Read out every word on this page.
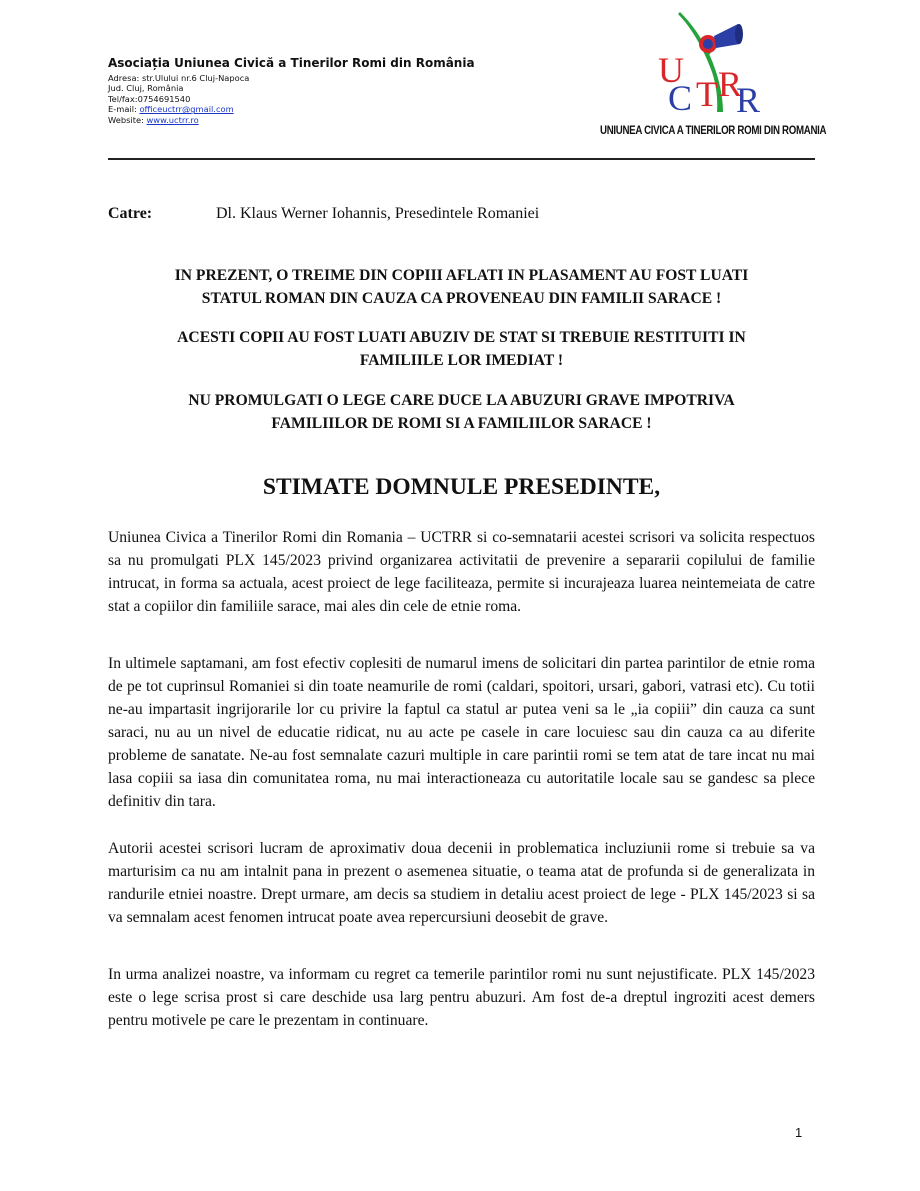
Asociația Uniunea Civică a Tinerilor Romi din România
Adresa: str.Ulului nr.6 Cluj-Napoca
Jud. Cluj, România
Tel/fax:0754691540
E-mail: officeuctrr@gmail.com
Website: www.uctrr.ro
U
C T R
R
UNIUNEA CIVICA A TINERILOR ROMI DIN ROMANIA
Catre:	Dl. Klaus Werner Iohannis, Presedintele Romaniei
IN PREZENT, O TREIME DIN COPIII AFLATI IN PLASAMENT AU FOST LUATI
STATUL ROMAN DIN CAUZA CA PROVENEAU DIN FAMILII SARACE !
ACESTI COPII AU FOST LUATI ABUZIV DE STAT SI TREBUIE RESTITUITI IN
FAMILIILE LOR IMEDIAT !
NU PROMULGATI O LEGE CARE DUCE LA ABUZURI GRAVE IMPOTRIVA
FAMILIILOR DE ROMI SI A FAMILIILOR SARACE !
STIMATE DOMNULE PRESEDINTE,

Uniunea Civica a Tinerilor Romi din Romania – UCTRR si co-semnatarii acestei scrisori va solicita respectuos sa nu promulgati PLX 145/2023 privind organizarea activitatii de prevenire a separarii copilului de familie intrucat, in forma sa actuala, acest proiect de lege faciliteaza, permite si incurajeaza luarea neintemeiata de catre stat a copiilor din familiile sarace, mai ales din cele de etnie roma.

In ultimele saptamani, am fost efectiv coplesiti de numarul imens de solicitari din partea parintilor de etnie roma de pe tot cuprinsul Romaniei si din toate neamurile de romi (caldari, spoitori, ursari, gabori, vatrasi etc). Cu totii ne-au impartasit ingrijorarile lor cu privire la faptul ca statul ar putea veni sa le „ia copiii” din cauza ca sunt saraci, nu au un nivel de educatie ridicat, nu au acte pe casele in care locuiesc sau din cauza ca au diferite probleme de sanatate. Ne-au fost semnalate cazuri multiple in care parintii romi se tem atat de tare incat nu mai lasa copiii sa iasa din comunitatea roma, nu mai interactioneaza cu autoritatile locale sau se gandesc sa plece definitiv din tara.

Autorii acestei scrisori lucram de aproximativ doua decenii in problematica incluziunii rome si trebuie sa va marturisim ca nu am intalnit pana in prezent o asemenea situatie, o teama atat de profunda si de generalizata in randurile etniei noastre. Drept urmare, am decis sa studiem in detaliu acest proiect de lege - PLX 145/2023 si sa va semnalam acest fenomen intrucat poate avea repercursiuni deosebit de grave.

In urma analizei noastre, va informam cu regret ca temerile parintilor romi nu sunt nejustificate. PLX 145/2023 este o lege scrisa prost si care deschide usa larg pentru abuzuri. Am fost de-a dreptul ingroziti acest demers pentru motivele pe care le prezentam in continuare.

1
